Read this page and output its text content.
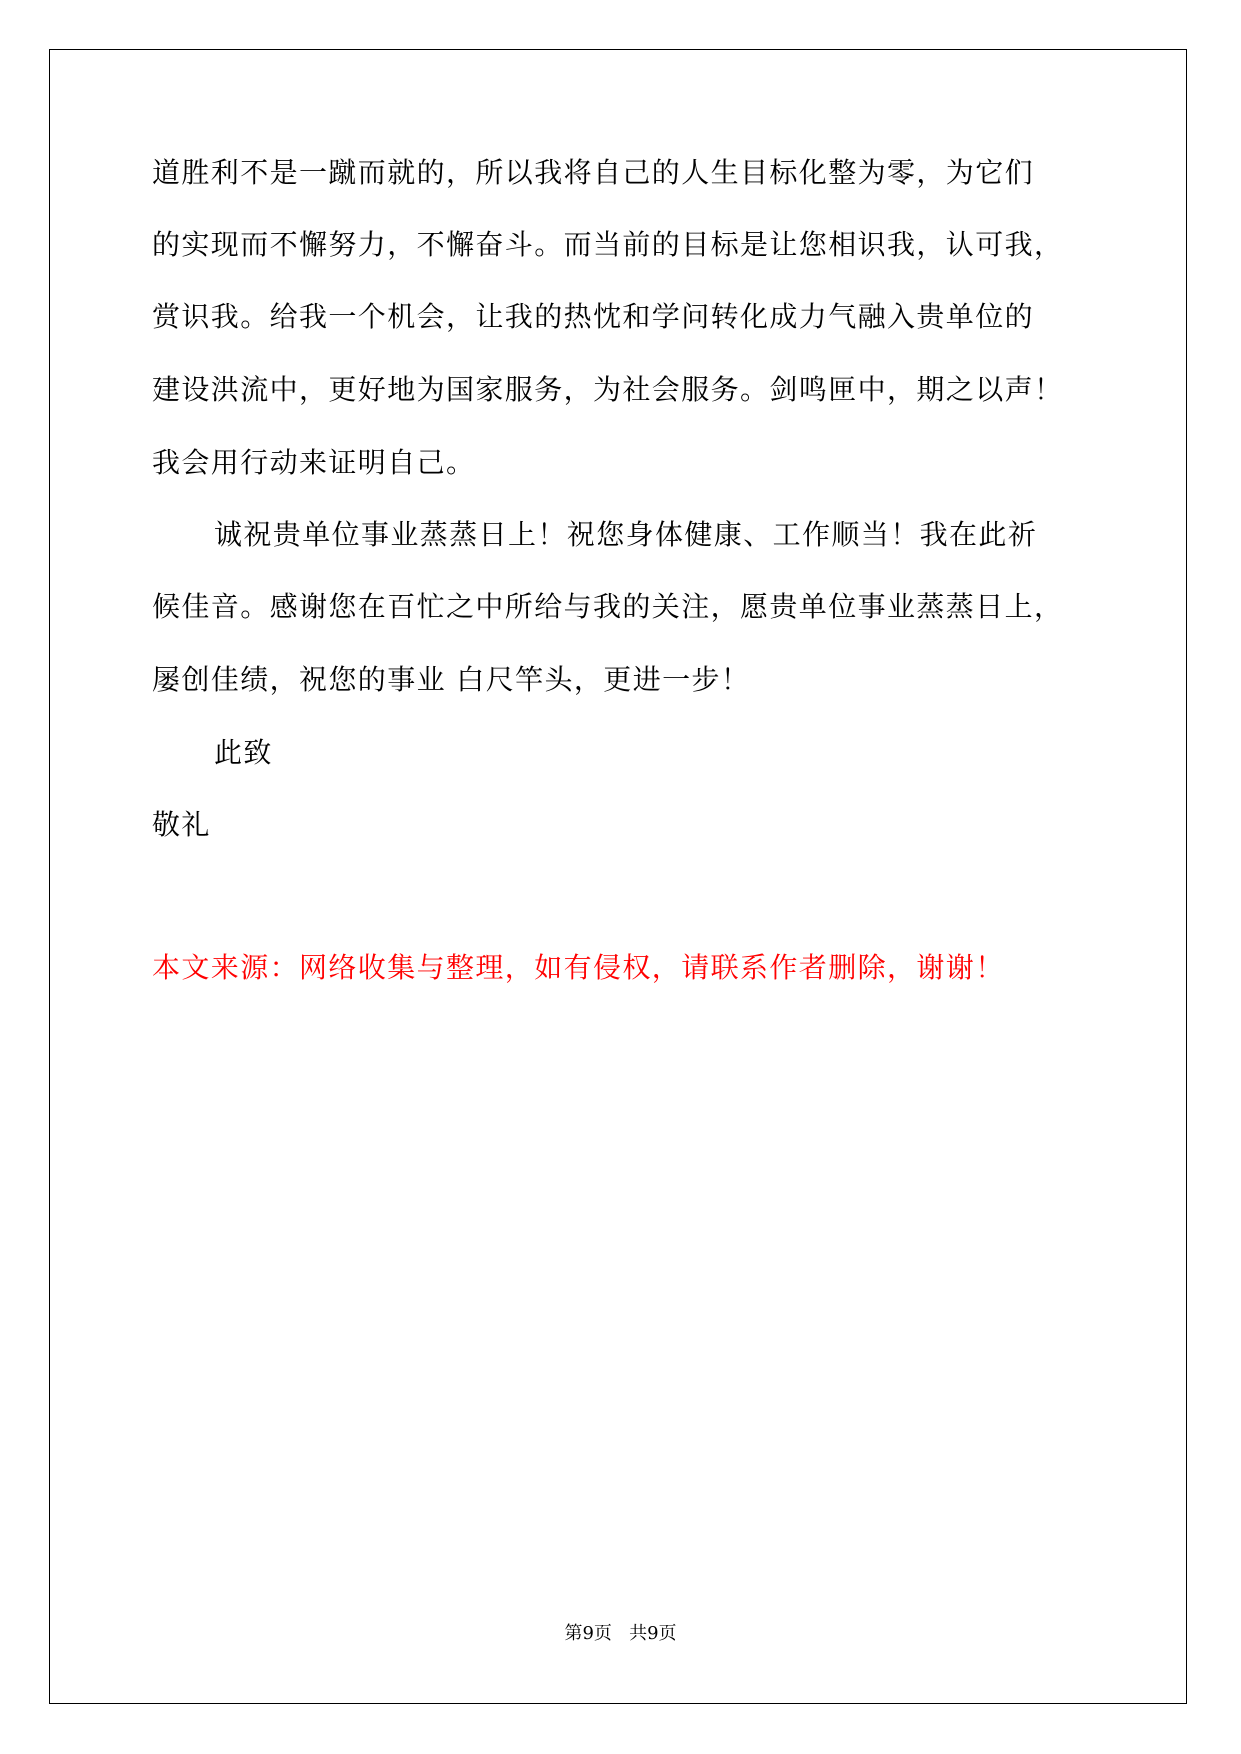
道胜利不是一蹴而就的，所以我将自己的人生目标化整为零，为它们
的实现而不懈努力，不懈奋斗。而当前的目标是让您相识我，认可我，
赏识我。给我一个机会，让我的热忱和学问转化成力气融入贵单位的
建设洪流中，更好地为国家服务，为社会服务。剑鸣匣中，期之以声！
我会用行动来证明自己。
诚祝贵单位事业蒸蒸日上！祝您身体健康、工作顺当！我在此祈
候佳音。感谢您在百忙之中所给与我的关注，愿贵单位事业蒸蒸日上，
屡创佳绩，祝您的事业 白尺竿头，更进一步！
此致
敬礼
本文来源：网络收集与整理，如有侵权，请联系作者删除，谢谢！
第9页 共9页
